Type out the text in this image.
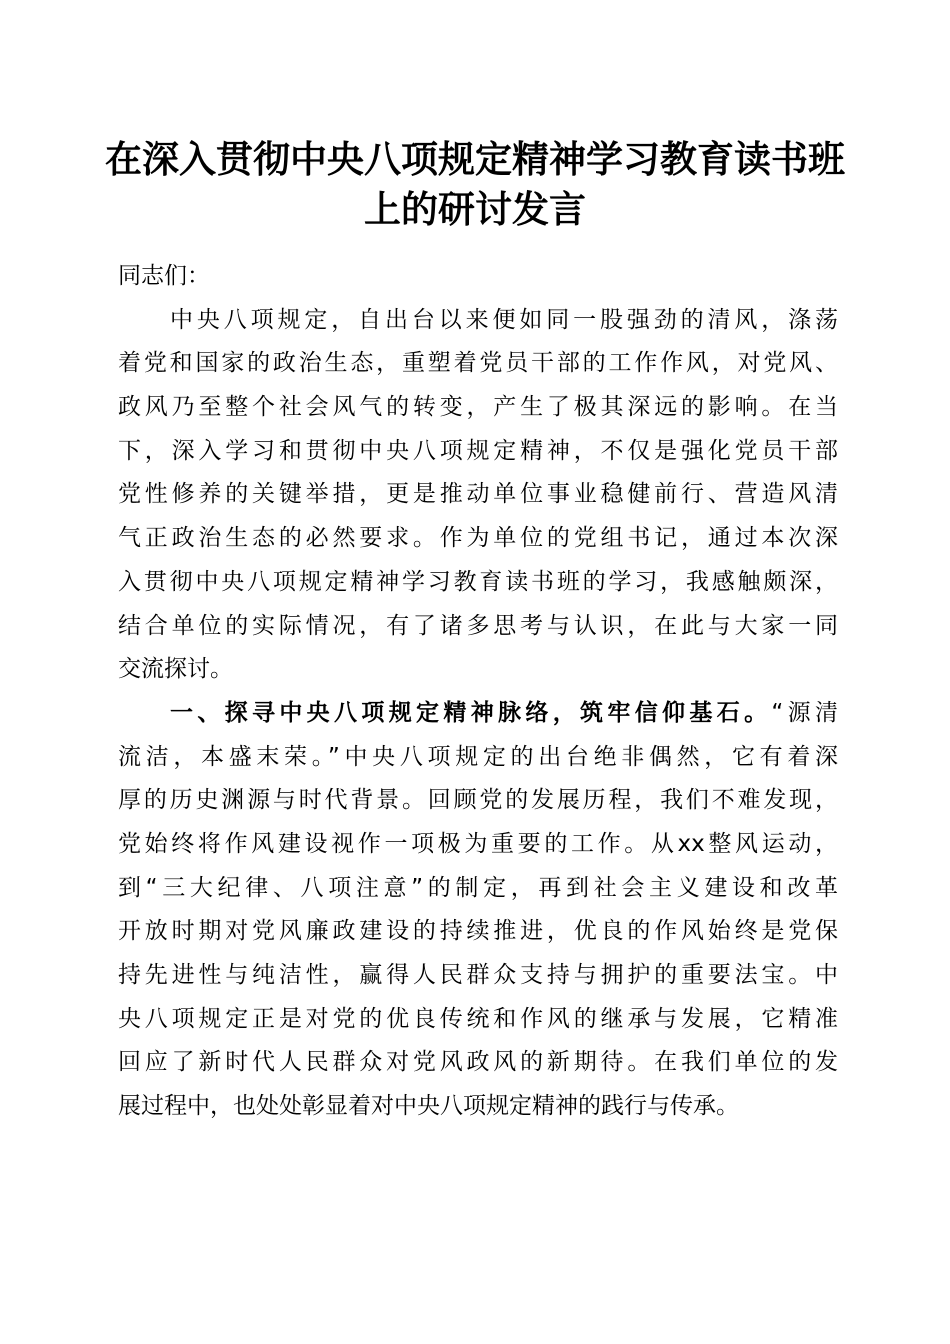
在深入贯彻中央八项规定精神学习教育读书班
上的研讨发言
同志们：
中央八项规定，自出台以来便如同一股强劲的清风，涤荡
着党和国家的政治生态，重塑着党员干部的工作作风，对党风、
政风乃至整个社会风气的转变，产生了极其深远的影响。在当
下，深入学习和贯彻中央八项规定精神，不仅是强化党员干部
党性修养的关键举措，更是推动单位事业稳健前行、营造风清
气正政治生态的必然要求。作为单位的党组书记，通过本次深
入贯彻中央八项规定精神学习教育读书班的学习，我感触颇深，
结合单位的实际情况，有了诸多思考与认识，在此与大家一同
交流探讨。
一、探寻中央八项规定精神脉络，筑牢信仰基石。“源清
流洁，本盛末荣。”中央八项规定的出台绝非偶然，它有着深
厚的历史渊源与时代背景。回顾党的发展历程，我们不难发现，
党始终将作风建设视作一项极为重要的工作。从xx整风运动，
到“三大纪律、八项注意”的制定，再到社会主义建设和改革
开放时期对党风廉政建设的持续推进，优良的作风始终是党保
持先进性与纯洁性，赢得人民群众支持与拥护的重要法宝。中
央八项规定正是对党的优良传统和作风的继承与发展，它精准
回应了新时代人民群众对党风政风的新期待。在我们单位的发
展过程中，也处处彰显着对中央八项规定精神的践行与传承。
